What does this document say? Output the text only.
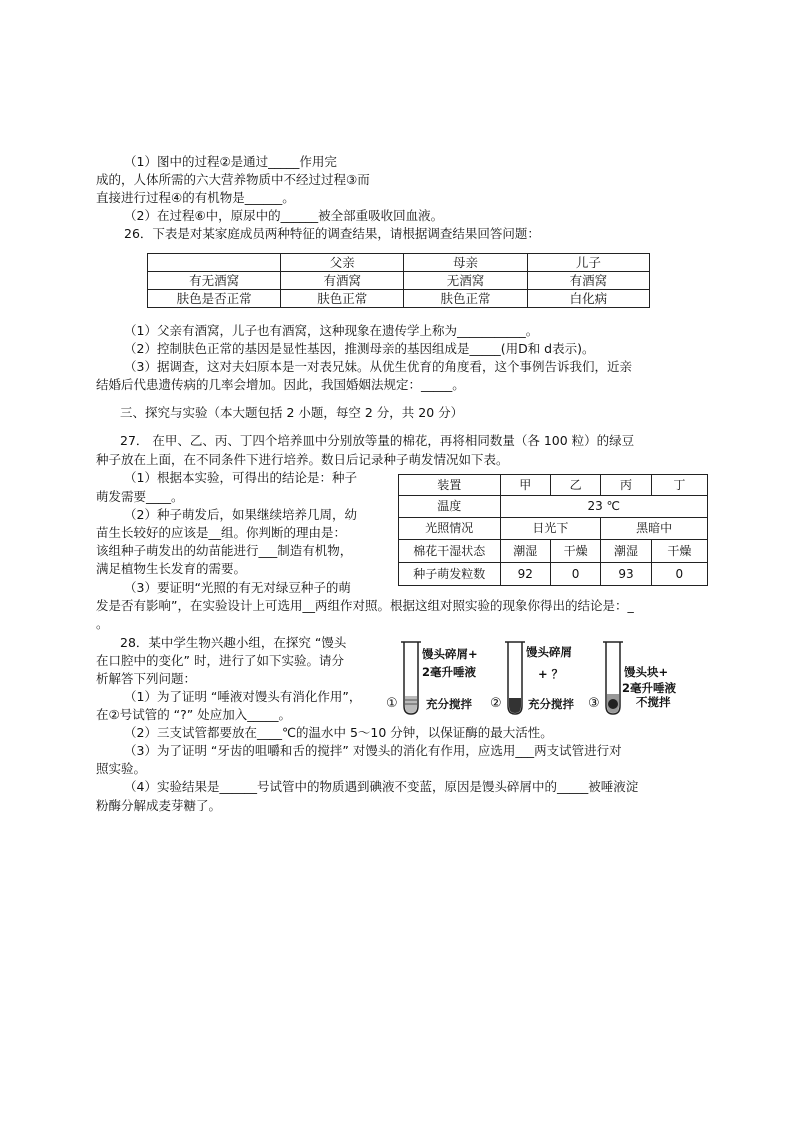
（1）图中的过程②是通过_____作用完
成的，人体所需的六大营养物质中不经过过程③而
直接进行过程④的有机物是______。
（2）在过程⑥中，原尿中的______被全部重吸收回血液。
26．下表是对某家庭成员两种特征的调查结果，请根据调查结果回答问题：
	父亲	母亲	儿子
有无酒窝	有酒窝	无酒窝	有酒窝
肤色是否正常	肤色正常	肤色正常	白化病
（1）父亲有酒窝，儿子也有酒窝，这种现象在遗传学上称为___________。
（2）控制肤色正常的基因是显性基因，推测母亲的基因组成是_____(用D和 d表示)。
（3）据调查，这对夫妇原本是一对表兄妹。从优生优育的角度看，这个事例告诉我们，近亲
结婚后代患遗传病的几率会增加。因此，我国婚姻法规定：_____。
三、探究与实验（本大题包括 2 小题，每空 2 分，共 20 分）
27． 在甲、乙、丙、丁四个培养皿中分别放等量的棉花，再将相同数量（各 100 粒）的绿豆
种子放在上面，在不同条件下进行培养。数日后记录种子萌发情况如下表。
（1）根据本实验，可得出的结论是：种子
萌发需要____。
（2）种子萌发后，如果继续培养几周，幼
苗生长较好的应该是__组。你判断的理由是：
该组种子萌发出的幼苗能进行___制造有机物，
满足植物生长发育的需要。
（3）要证明“光照的有无对绿豆种子的萌
发是否有影响”，在实验设计上可选用__两组作对照。根据这组对照实验的现象你得出的结论是：_
。
装置	甲	乙	丙	丁
温度	23 ℃			
光照情况	日光下		黑暗中	
棉花干湿状态	潮湿	干燥	潮湿	干燥
种子萌发粒数	92	0	93	0
28．某中学生物兴趣小组，在探究 “馒头
在口腔中的变化” 时，进行了如下实验。请分
析解答下列问题：
（1）为了证明 “唾液对馒头有消化作用”，
在②号试管的 “?” 处应加入_____。
（2）三支试管都要放在____℃的温水中 5～10 分钟，以保证酶的最大活性。
（3）为了证明 “牙齿的咀嚼和舌的搅拌” 对馒头的消化有作用，应选用___两支试管进行对
照实验。
（4）实验结果是______号试管中的物质遇到碘液不变蓝，原因是馒头碎屑中的_____被唾液淀
粉酶分解成麦芽糖了。
①
馒头碎屑+
2毫升唾液
充分搅拌 ②
馒头碎屑
+ ？
充分搅拌 ③
馒头块+
2毫升唾液
不搅拌
